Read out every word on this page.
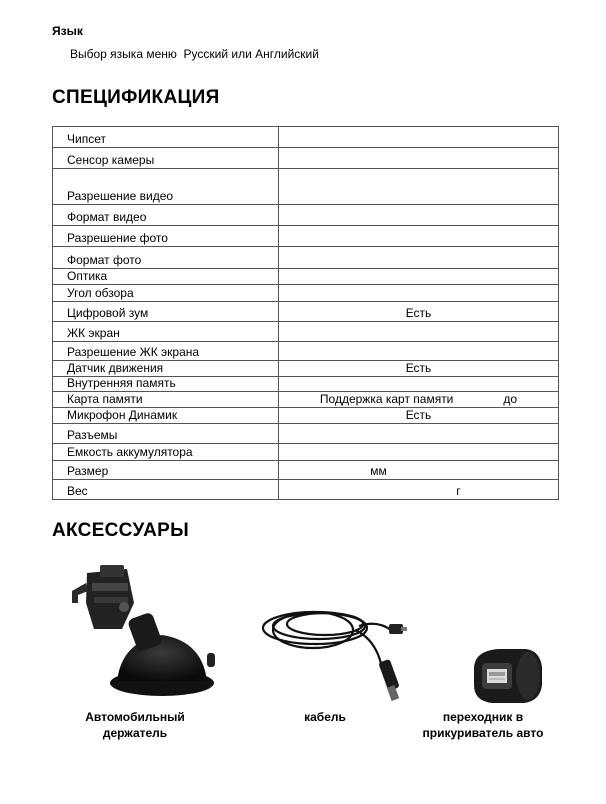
Язык
Выбор языка меню  Русский или Английский
СПЕЦИФИКАЦИЯ
Чипсет	
Сенсор камеры	
Разрешение видео	
Формат видео	
Разрешение фото	
Формат фото	
Оптика	
Угол обзора	
Цифровой зум	Есть
ЖК экран	
Разрешение ЖК экрана	
Датчик движения	Есть
Внутренняя память	
Карта памяти	Поддержка карт памяти               до
Микрофон Динамик	Есть
Разъемы	
Емкость аккумулятора	
Размер	мм
Вес	г
АКСЕССУАРЫ
Автомобильный
держатель
кабель	переходник в
прикуриватель авто
